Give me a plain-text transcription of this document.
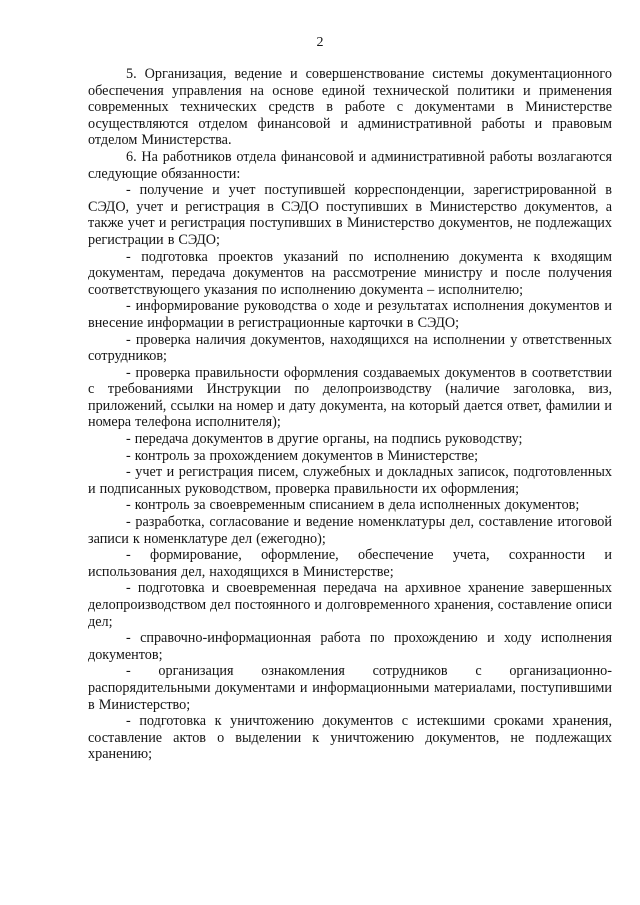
2

5. Организация, ведение и совершенствование системы документационного обеспечения управления на основе единой технической политики и применения современных технических средств в работе с документами в Министерстве осуществляются отделом финансовой и административной работы и правовым отделом Министерства.

6. На работников отдела финансовой и административной работы возлагаются следующие обязанности:

- получение и учет поступившей корреспонденции, зарегистрированной в СЭДО, учет и регистрация в СЭДО поступивших в Министерство документов, а также учет и регистрация поступивших в Министерство документов, не подлежащих регистрации в СЭДО;

- подготовка проектов указаний по исполнению документа к входящим документам, передача документов на рассмотрение министру и после получения соответствующего указания по исполнению документа – исполнителю;

- информирование руководства о ходе и результатах исполнения документов и внесение информации в регистрационные карточки в СЭДО;

- проверка наличия документов, находящихся на исполнении у ответственных сотрудников;

- проверка правильности оформления создаваемых документов в соответствии с требованиями Инструкции по делопроизводству (наличие заголовка, виз, приложений, ссылки на номер и дату документа, на который дается ответ, фамилии и номера телефона исполнителя);

- передача документов в другие органы, на подпись руководству;

- контроль за прохождением документов в Министерстве;

- учет и регистрация писем, служебных и докладных записок, подготовленных и подписанных руководством, проверка правильности их оформления;

- контроль за своевременным списанием в дела исполненных документов;

- разработка, согласование и ведение номенклатуры дел, составление итоговой записи к номенклатуре дел (ежегодно);

- формирование, оформление, обеспечение учета, сохранности и использования дел, находящихся в Министерстве;

- подготовка и своевременная передача на архивное хранение завершенных делопроизводством дел постоянного и долговременного хранения, составление описи дел;

- справочно-информационная работа по прохождению и ходу исполнения документов;

- организация ознакомления сотрудников с организационно-распорядительными документами и информационными материалами, поступившими в Министерство;

- подготовка к уничтожению документов с истекшими сроками хранения, составление актов о выделении к уничтожению документов, не подлежащих хранению;
